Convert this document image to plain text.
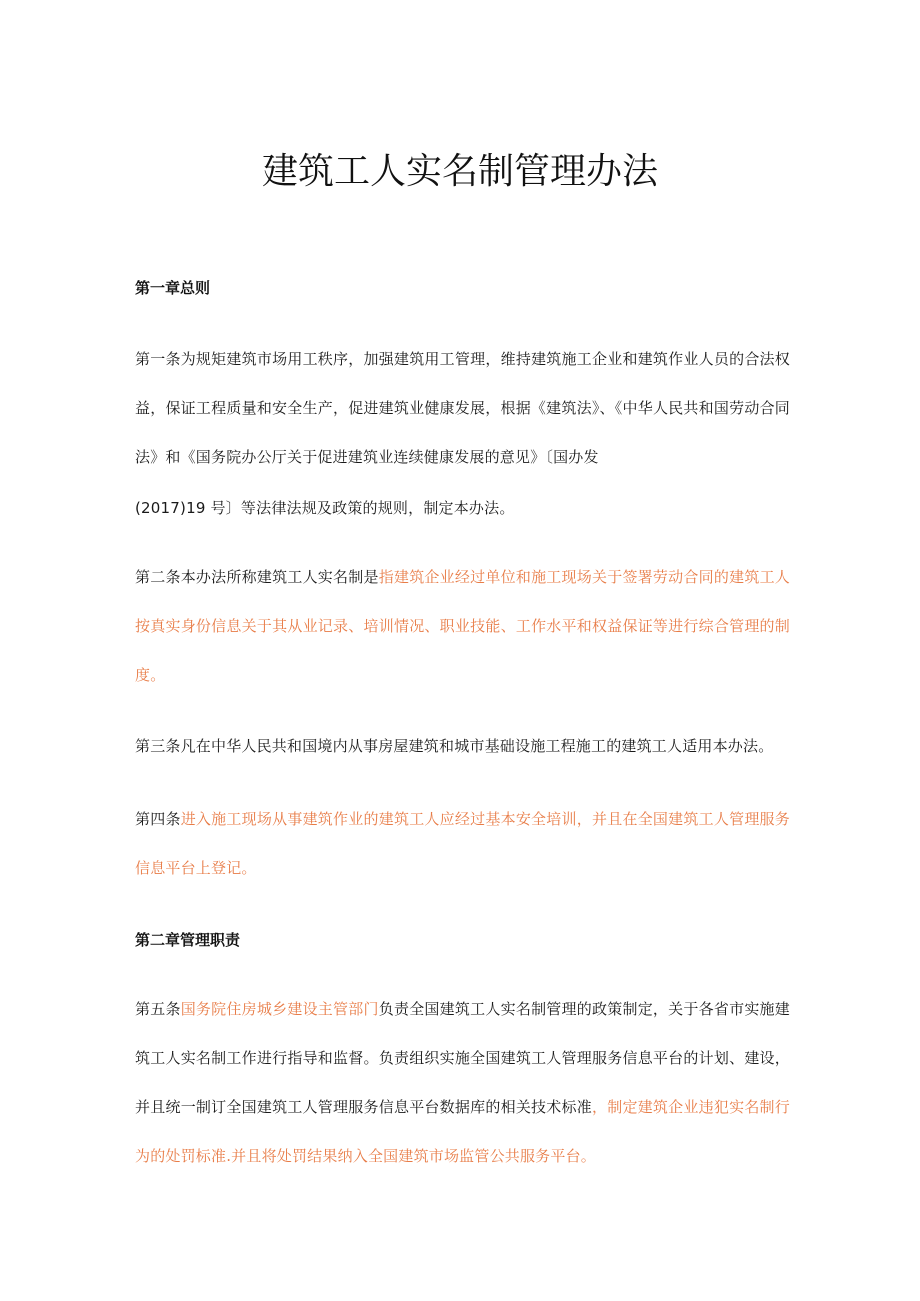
建筑工人实名制管理办法
第一章总则
第一条为规矩建筑市场用工秩序，加强建筑用工管理，维持建筑施工企业和建筑作业人员的合法权益，保证工程质量和安全生产，促进建筑业健康发展，根据《建筑法》、《中华人民共和国劳动合同法》和《国务院办公厅关于促进建筑业连续健康发展的意见》〔国办发
(2017)19 号〕等法律法规及政策的规则，制定本办法。
第二条本办法所称建筑工人实名制是指建筑企业经过单位和施工现场关于签署劳动合同的建筑工人按真实身份信息关于其从业记录、培训情况、职业技能、工作水平和权益保证等进行综合管理的制度。
第三条凡在中华人民共和国境内从事房屋建筑和城市基础设施工程施工的建筑工人适用本办法。
第四条进入施工现场从事建筑作业的建筑工人应经过基本安全培训，并且在全国建筑工人管理服务信息平台上登记。
第二章管理职责
第五条国务院住房城乡建设主管部门负责全国建筑工人实名制管理的政策制定，关于各省市实施建筑工人实名制工作进行指导和监督。负责组织实施全国建筑工人管理服务信息平台的计划、建设，并且统一制订全国建筑工人管理服务信息平台数据库的相关技术标准，制定建筑企业违犯实名制行为的处罚标准.并且将处罚结果纳入全国建筑市场监管公共服务平台。
